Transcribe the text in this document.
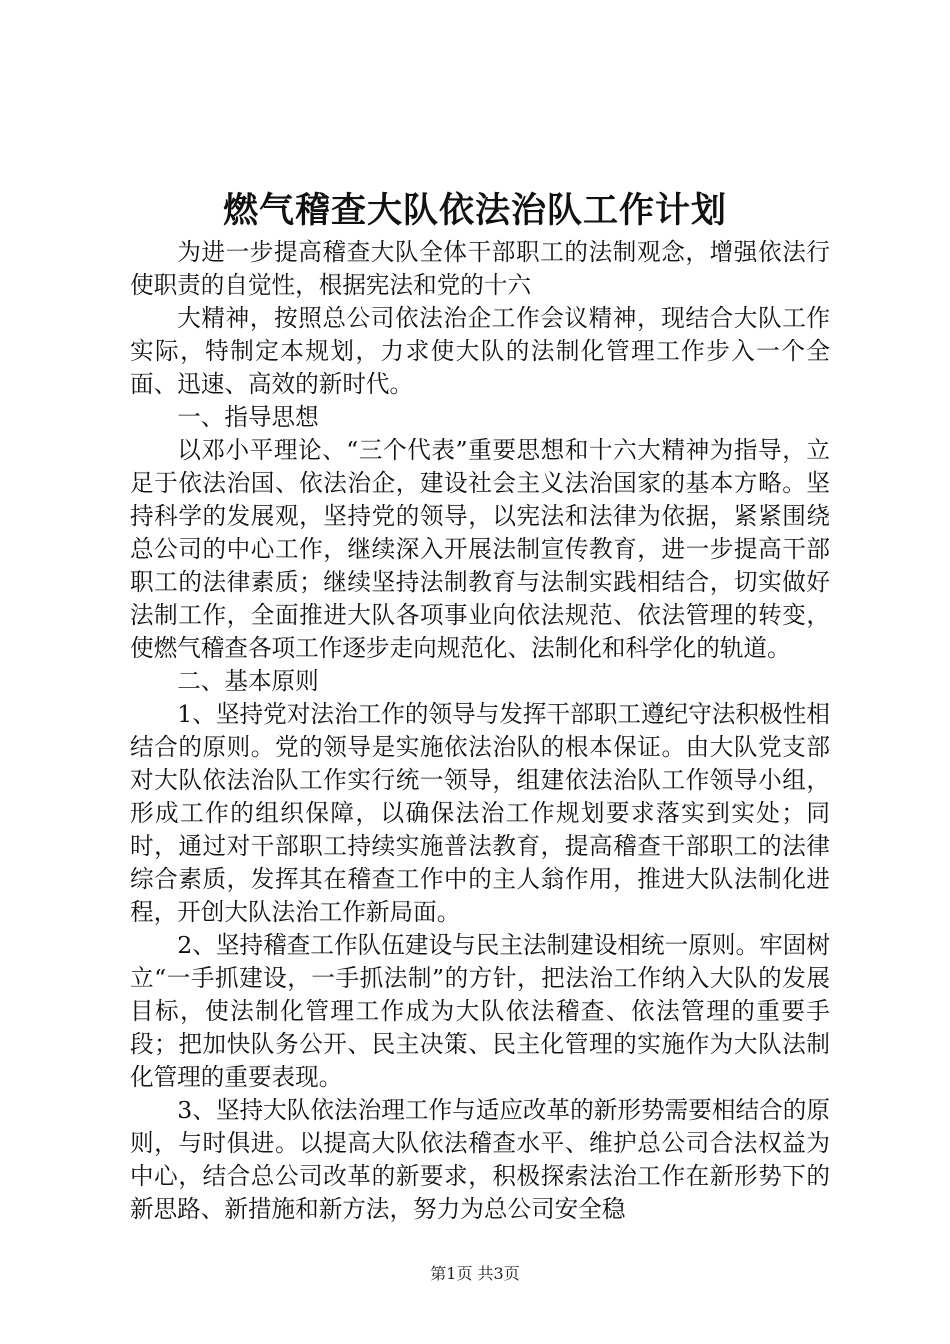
燃气稽查大队依法治队工作计划

为进一步提高稽查大队全体干部职工的法制观念，增强依法行使职责的自觉性，根据宪法和党的十六

大精神，按照总公司依法治企工作会议精神，现结合大队工作实际，特制定本规划，力求使大队的法制化管理工作步入一个全面、迅速、高效的新时代。

一、指导思想

以邓小平理论、“三个代表”重要思想和十六大精神为指导，立足于依法治国、依法治企，建设社会主义法治国家的基本方略。坚持科学的发展观，坚持党的领导，以宪法和法律为依据，紧紧围绕总公司的中心工作，继续深入开展法制宣传教育，进一步提高干部职工的法律素质；继续坚持法制教育与法制实践相结合，切实做好法制工作，全面推进大队各项事业向依法规范、依法管理的转变，使燃气稽查各项工作逐步走向规范化、法制化和科学化的轨道。

二、基本原则

1、坚持党对法治工作的领导与发挥干部职工遵纪守法积极性相结合的原则。党的领导是实施依法治队的根本保证。由大队党支部对大队依法治队工作实行统一领导，组建依法治队工作领导小组，形成工作的组织保障，以确保法治工作规划要求落实到实处；同时，通过对干部职工持续实施普法教育，提高稽查干部职工的法律综合素质，发挥其在稽查工作中的主人翁作用，推进大队法制化进程，开创大队法治工作新局面。

2、坚持稽查工作队伍建设与民主法制建设相统一原则。牢固树立“一手抓建设，一手抓法制”的方针，把法治工作纳入大队的发展目标，使法制化管理工作成为大队依法稽查、依法管理的重要手段；把加快队务公开、民主决策、民主化管理的实施作为大队法制化管理的重要表现。

3、坚持大队依法治理工作与适应改革的新形势需要相结合的原则，与时俱进。以提高大队依法稽查水平、维护总公司合法权益为中心，结合总公司改革的新要求，积极探索法治工作在新形势下的新思路、新措施和新方法，努力为总公司安全稳

第1页 共3页
